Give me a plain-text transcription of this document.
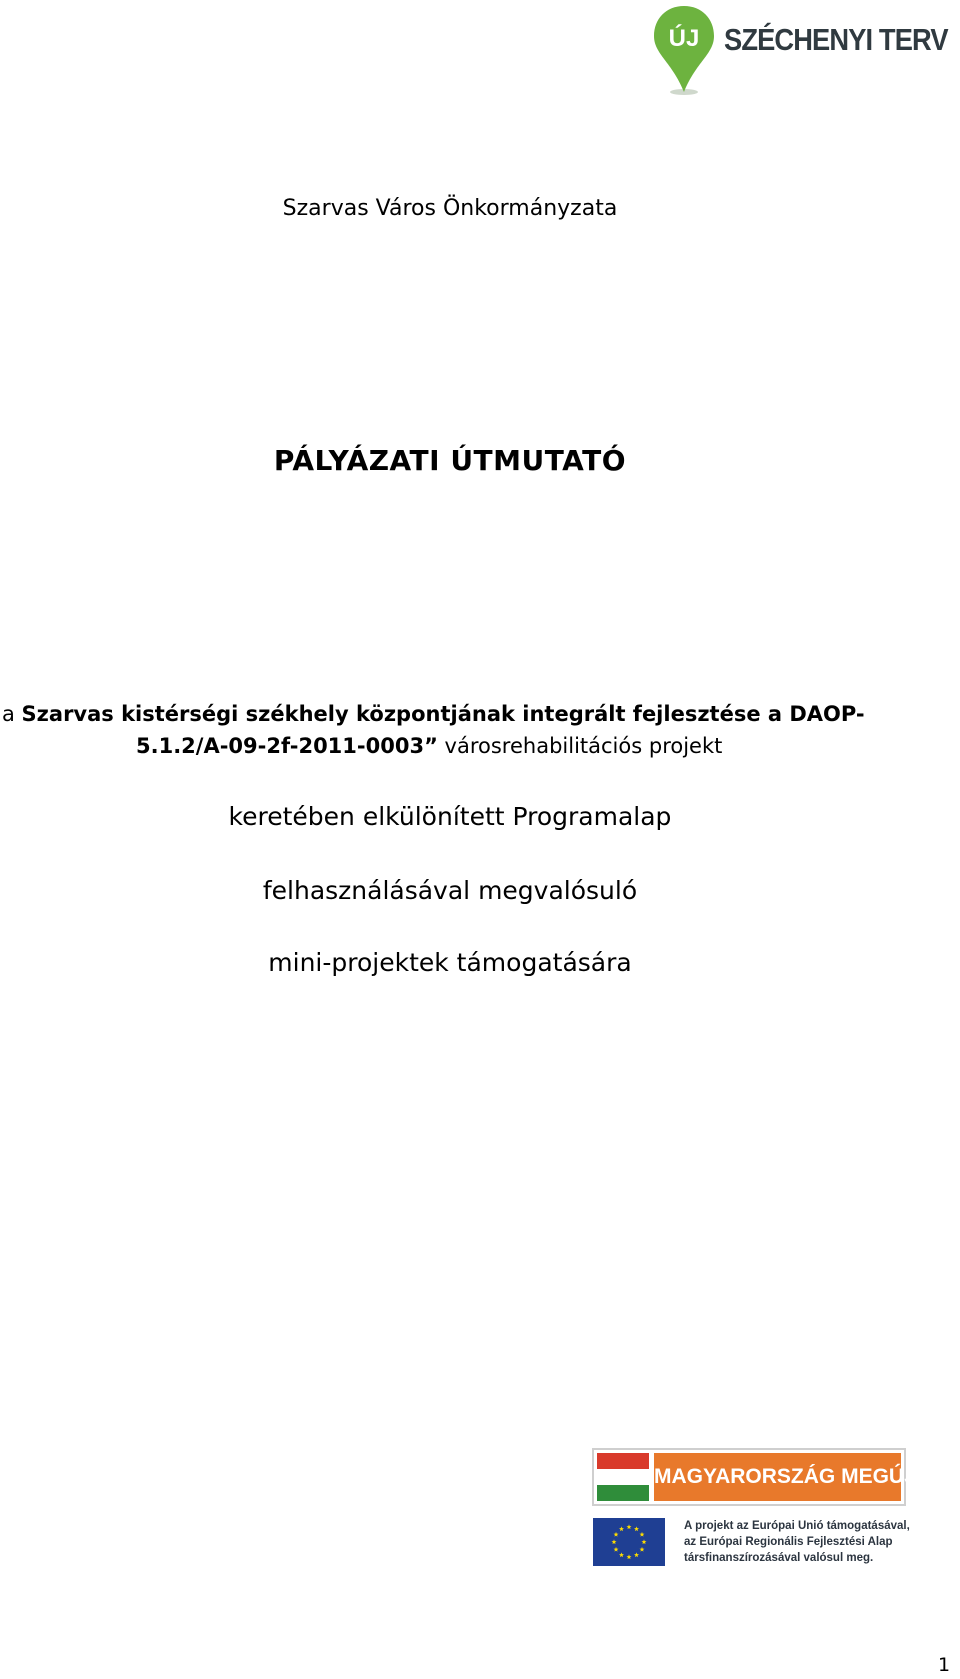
ÚJ SZÉCHENYI TERV
Szarvas Város Önkormányzata
PÁLYÁZATI ÚTMUTATÓ
a Szarvas kistérségi székhely központjának integrált fejlesztése a DAOP-
5.1.2/A-09-2f-2011-0003” városrehabilitációs projekt
keretében elkülönített Programalap
felhasználásával megvalósuló
mini-projektek támogatására
MAGYARORSZÁG MEGÚJUL
A projekt az Európai Unió támogatásával,
az Európai Regionális Fejlesztési Alap
társfinanszírozásával valósul meg.
1
